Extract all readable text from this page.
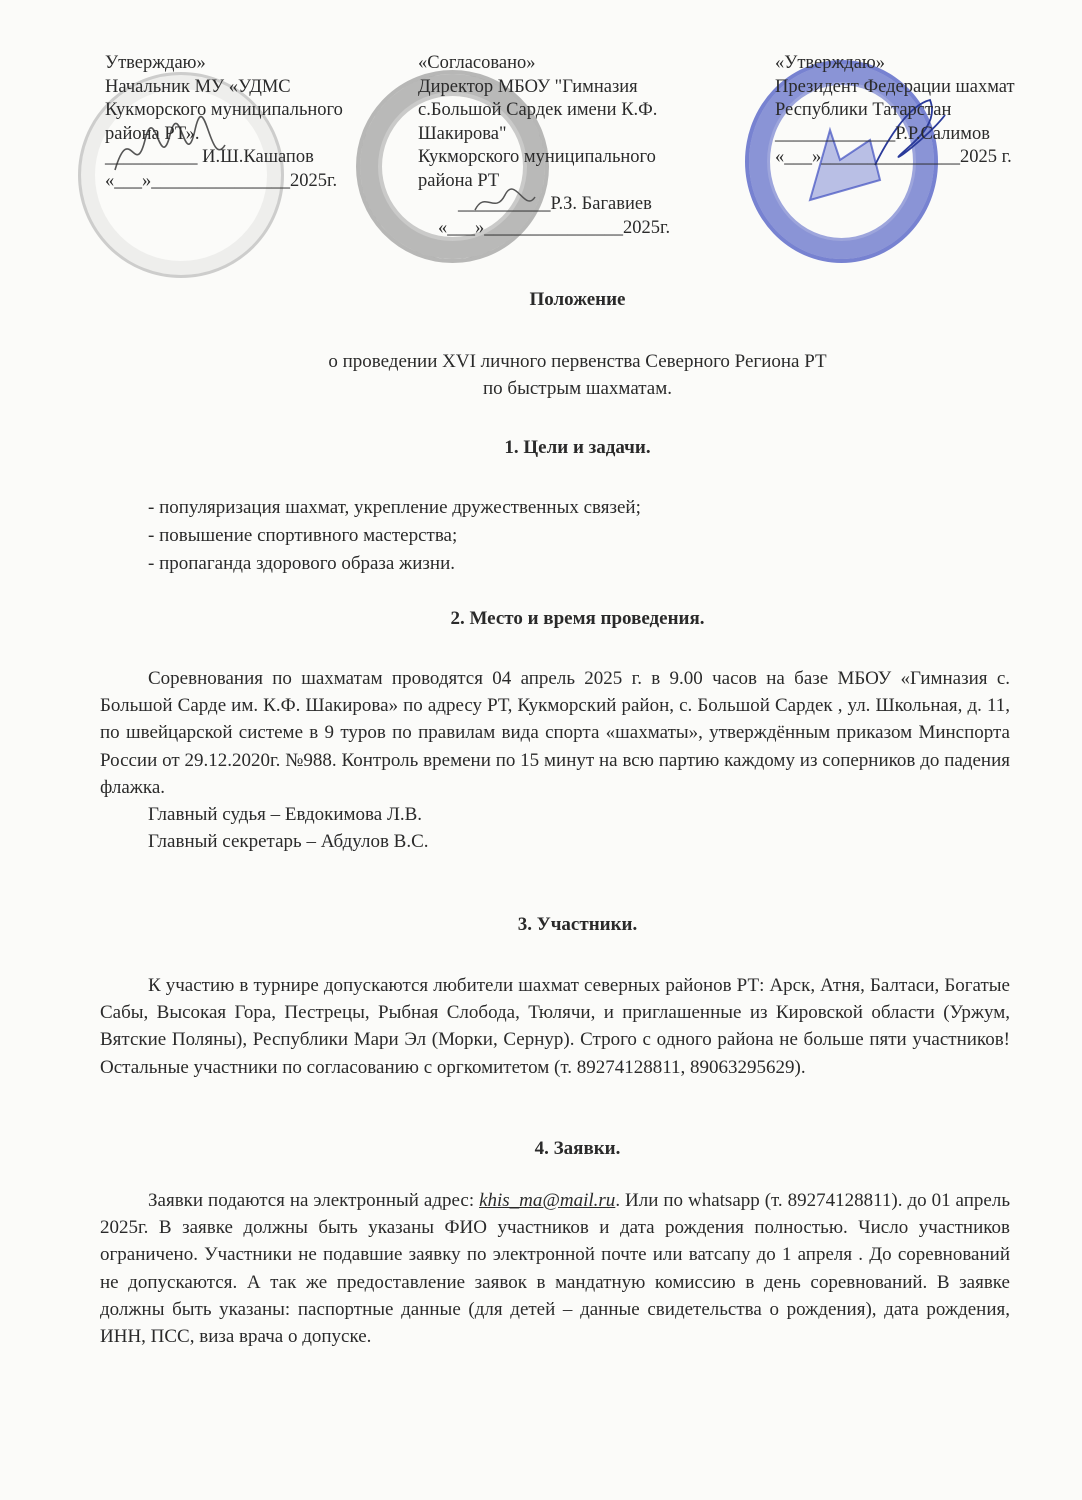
Утверждаю»
Начальник МУ «УДМС
Кукморского муниципального
района РТ».
__________ И.Ш.Кашапов
«___»_______________2025г.
«Согласовано»
Директор МБОУ "Гимназия
с.Большой Сардек имени К.Ф.
Шакирова"
Кукморского муниципального
района РТ
__________Р.З. Багавиев
«___»_______________2025г.
«Утверждаю»
Президент Федерации шахмат
Республики Татарстан
_____________Р.Р.Салимов
«___»_______________2025 г.
Положение
о проведении XVI личного первенства Северного Региона РТ
по быстрым шахматам.
1. Цели и задачи.
- популяризация шахмат, укрепление дружественных связей;
- повышение спортивного мастерства;
- пропаганда здорового образа жизни.
2. Место и время проведения.

Соревнования по шахматам проводятся 04 апрель 2025 г. в 9.00 часов на базе МБОУ «Гимназия с. Большой Сарде им. К.Ф. Шакирова» по адресу РТ, Кукморский район, с. Большой Сардек , ул. Школьная, д. 11, по швейцарской системе в 9 туров по правилам вида спорта «шахматы», утверждённым приказом Минспорта России от 29.12.2020г. №988. Контроль времени по 15 минут на всю партию каждому из соперников до падения флажка.

Главный судья – Евдокимова Л.В.

Главный секретарь – Абдулов В.С.

3. Участники.

К участию в турнире допускаются любители шахмат северных районов РТ: Арск, Атня, Балтаси, Богатые Сабы, Высокая Гора, Пестрецы, Рыбная Слобода, Тюлячи, и приглашенные из Кировской области (Уржум, Вятские Поляны), Республики Мари Эл (Морки, Сернур). Строго с одного района не больше пяти участников! Остальные участники по согласованию с оргкомитетом (т. 89274128811, 89063295629).

4. Заявки.

Заявки подаются на электронный адрес: khis_ma@mail.ru. Или по whatsapp (т. 89274128811). до 01 апрель 2025г. В заявке должны быть указаны ФИО участников и дата рождения полностью. Число участников ограничено. Участники не подавшие заявку по электронной почте или ватсапу до 1 апреля . До соревнований не допускаются. А так же предоставление заявок в мандатную комиссию в день соревнований. В заявке должны быть указаны: паспортные данные (для детей – данные свидетельства о рождения), дата рождения, ИНН, ПСС, виза врача о допуске.
